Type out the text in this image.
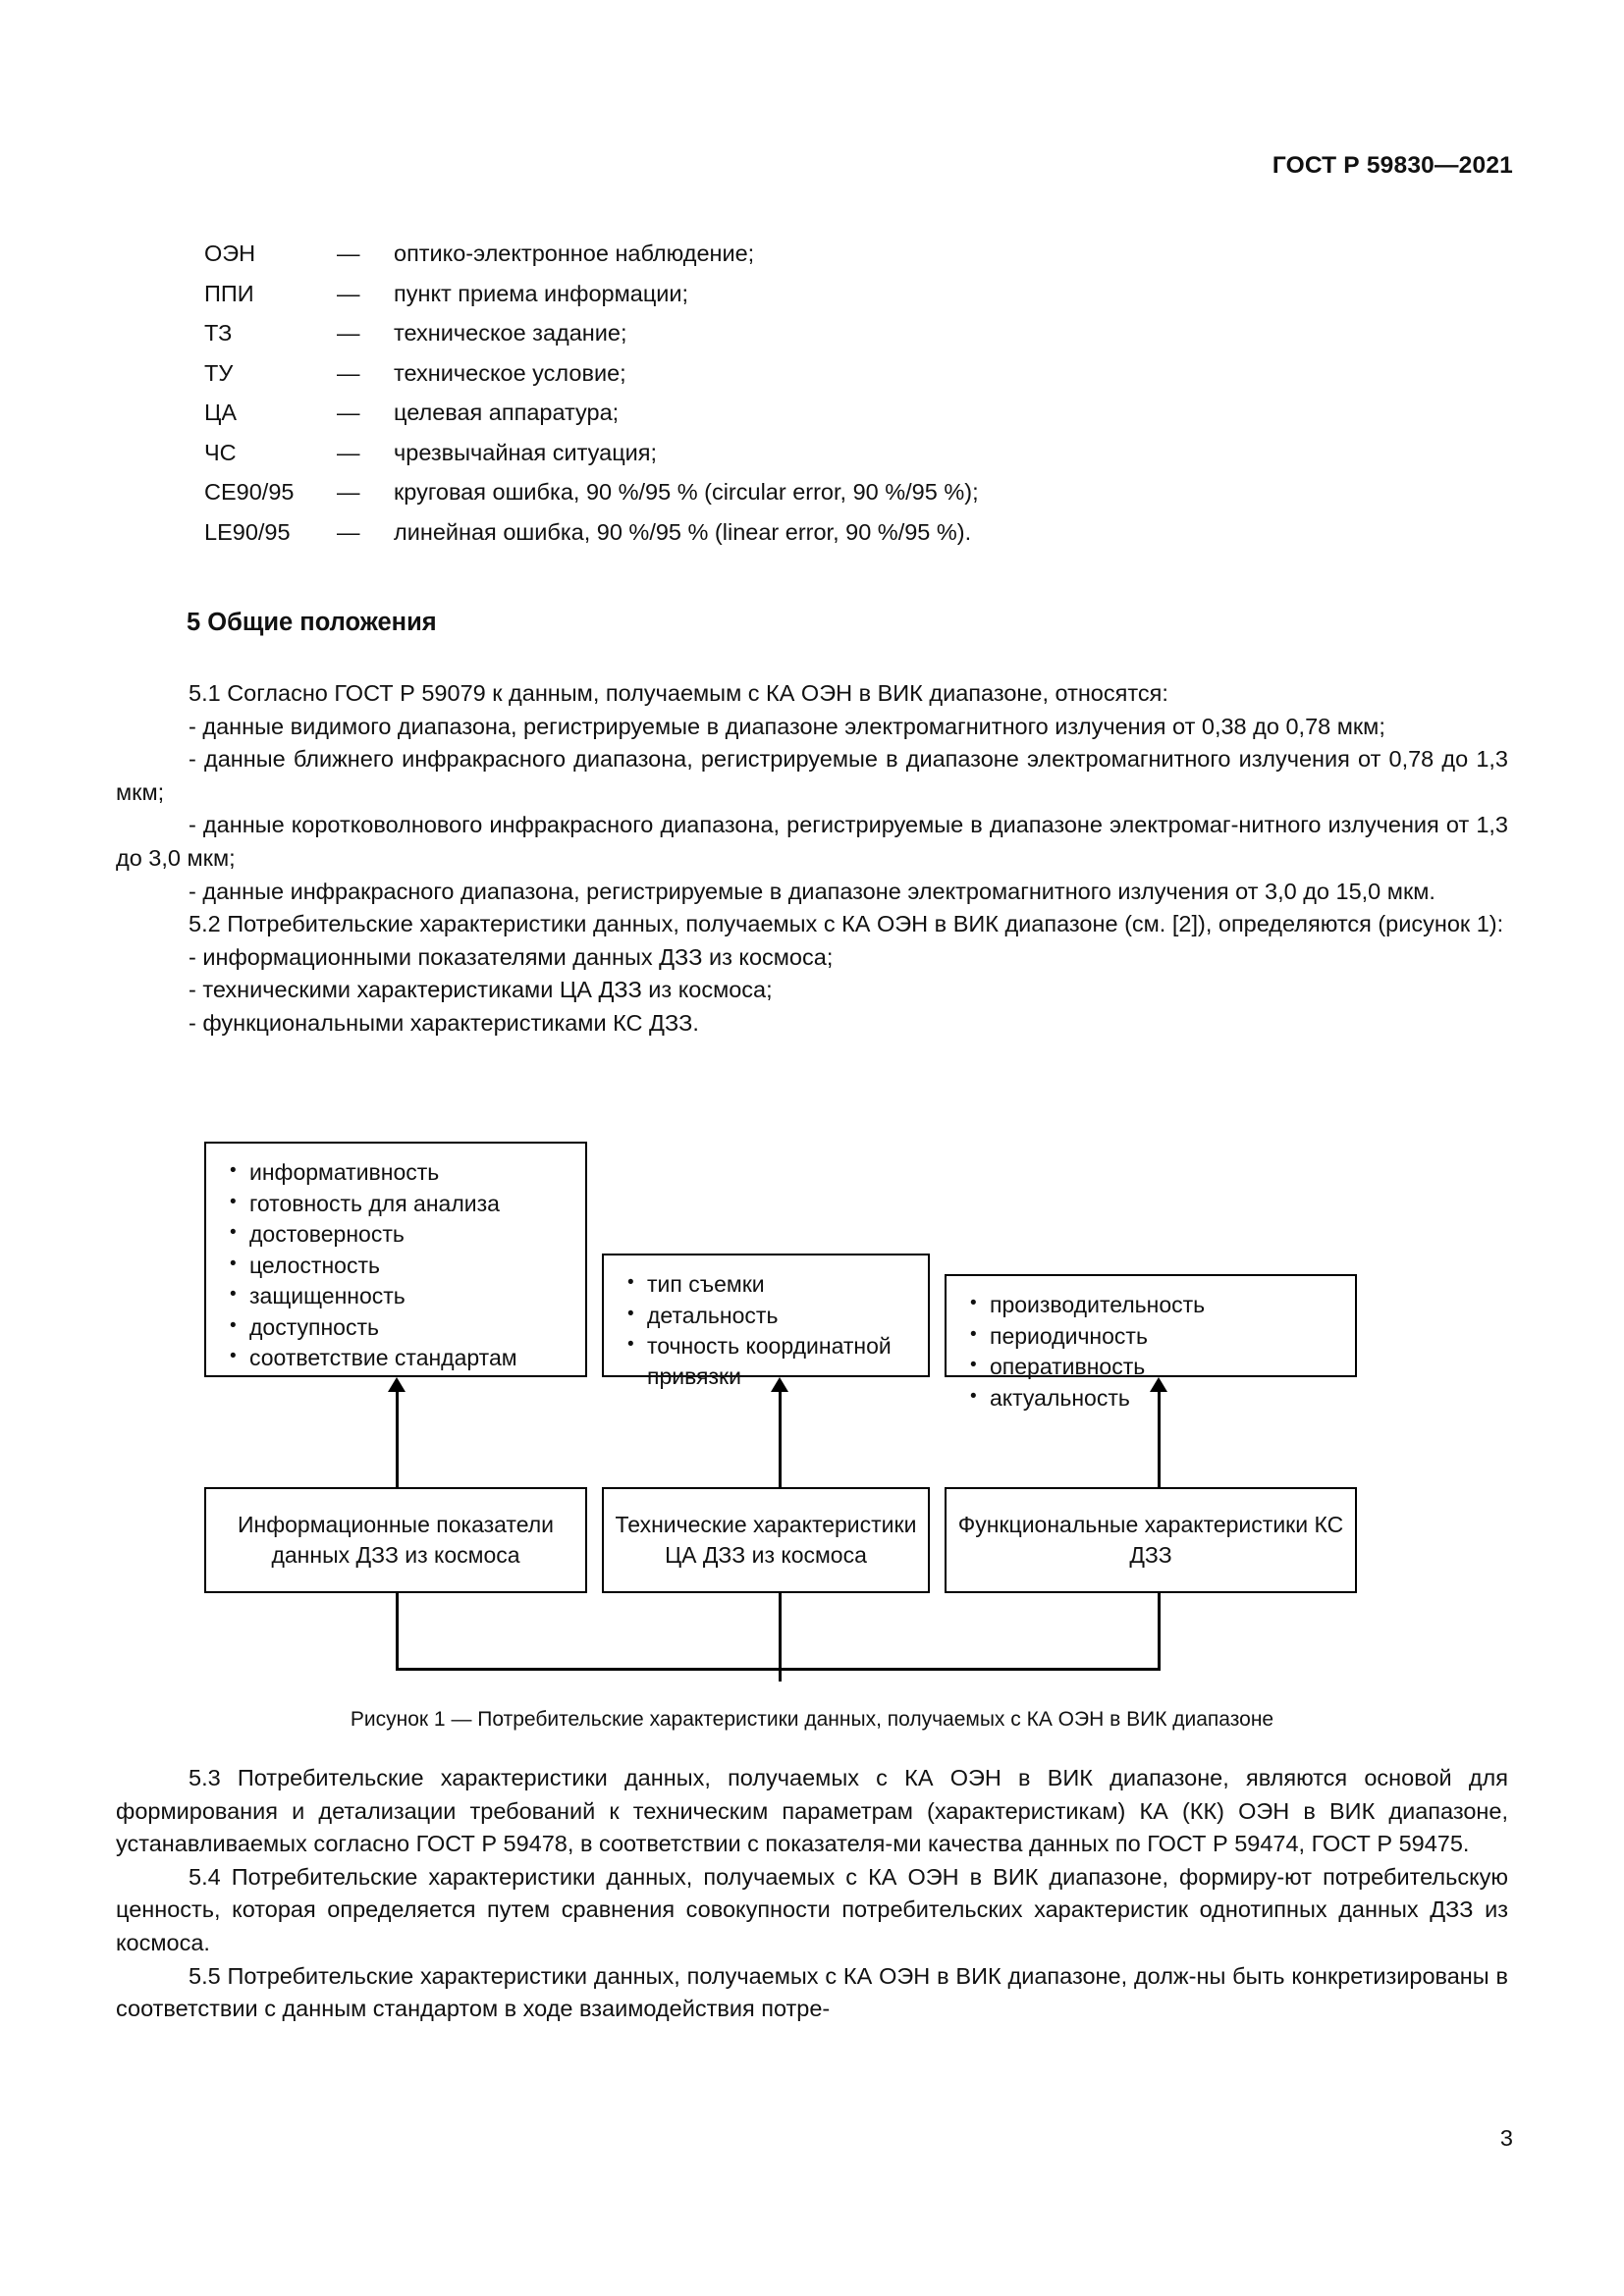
ГОСТ Р 59830—2021
ОЭН	—	оптико-электронное наблюдение;
ППИ	—	пункт приема информации;
ТЗ	—	техническое задание;
ТУ	—	техническое условие;
ЦА	—	целевая аппаратура;
ЧС	—	чрезвычайная ситуация;
CE90/95	—	круговая ошибка, 90 %/95 % (circular error, 90 %/95 %);
LE90/95	—	линейная ошибка, 90 %/95 % (linear error, 90 %/95 %).
5 Общие положения

5.1 Согласно ГОСТ Р 59079 к данным, получаемым с КА ОЭН в ВИК диапазоне, относятся:

- данные видимого диапазона, регистрируемые в диапазоне электромагнитного излучения от 0,38 до 0,78 мкм;

- данные ближнего инфракрасного диапазона, регистрируемые в диапазоне электромагнитного излучения от 0,78 до 1,3 мкм;

- данные коротковолнового инфракрасного диапазона, регистрируемые в диапазоне электромаг-нитного излучения от 1,3 до 3,0 мкм;

- данные инфракрасного диапазона, регистрируемые в диапазоне электромагнитного излучения от 3,0 до 15,0 мкм.

5.2 Потребительские характеристики данных, получаемых с КА ОЭН в ВИК диапазоне (см. [2]), определяются (рисунок 1):

- информационными показателями данных ДЗЗ из космоса;

- техническими характеристиками ЦА ДЗЗ из космоса;

- функциональными характеристиками КС ДЗЗ.

• информативность
• готовность для анализа
• достоверность
• целостность
• защищенность
• доступность
• соответствие стандартам
• тип съемки
• детальность
• точность координатной привязки
• производительность
• периодичность
• оперативность
• актуальность
Информационные показатели данных ДЗЗ из космоса
Технические характеристики ЦА ДЗЗ из космоса
Функциональные характеристики КС ДЗЗ
Рисунок 1 — Потребительские характеристики данных, получаемых с КА ОЭН в ВИК диапазоне

5.3 Потребительские характеристики данных, получаемых с КА ОЭН в ВИК диапазоне, являются основой для формирования и детализации требований к техническим параметрам (характеристикам) КА (КК) ОЭН в ВИК диапазоне, устанавливаемых согласно ГОСТ Р 59478, в соответствии с показателя-ми качества данных по ГОСТ Р 59474, ГОСТ Р 59475.

5.4 Потребительские характеристики данных, получаемых с КА ОЭН в ВИК диапазоне, формиру-ют потребительскую ценность, которая определяется путем сравнения совокупности потребительских характеристик однотипных данных ДЗЗ из космоса.

5.5 Потребительские характеристики данных, получаемых с КА ОЭН в ВИК диапазоне, долж-ны быть конкретизированы в соответствии с данным стандартом в ходе взаимодействия потре-

3
